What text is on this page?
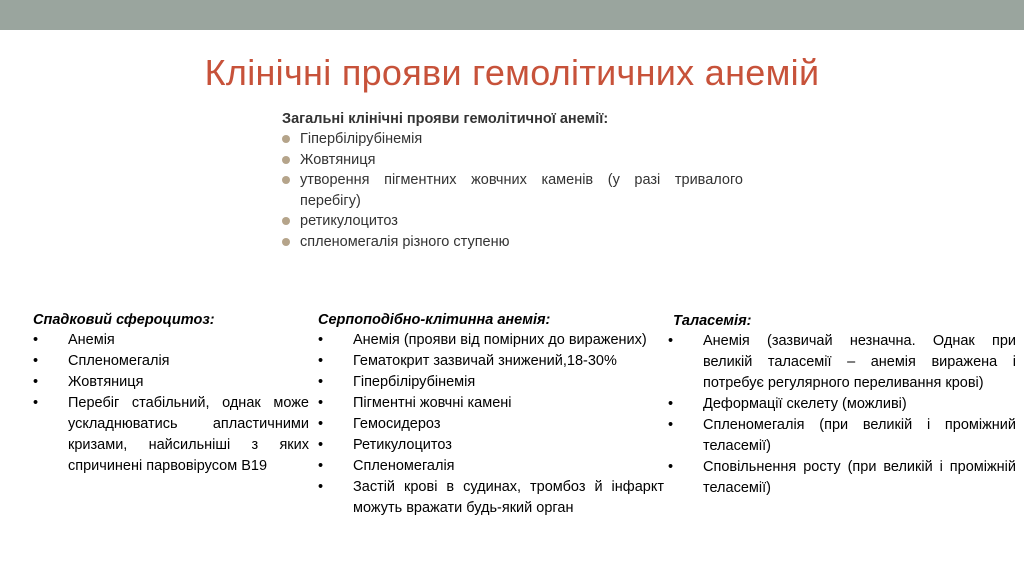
Клінічні прояви гемолітичних анемій
Загальні клінічні прояви гемолітичної анемії:
Гіпербілірубінемія
Жовтяниця
утворення пігментних жовчних каменів (у разі тривалого перебігу)
ретикулоцитоз
спленомегалія різного ступеню
Спадковий сфероцитоз:
• Анемія
• Спленомегалія
• Жовтяниця
• Перебіг стабільний, однак може ускладнюватись апластичними кризами, найсильніші з яких спричинені парвовірусом В19
Серпоподібно-клітинна анемія:
• Анемія (прояви від помірних до виражених)
• Гематокрит зазвичай знижений,18-30%
• Гіпербілірубінемія
• Пігментні жовчні камені
• Гемосидероз
• Ретикулоцитоз
• Спленомегалія
• Застій крові в судинах, тромбоз й інфаркт можуть вражати будь-який орган
Таласемія:
• Анемія (зазвичай незначна. Однак при великій таласемії – анемія виражена і потребує регулярного переливання крові)
• Деформації скелету (можливі)
• Спленомегалія (при великій і проміжний теласемії)
• Сповільнення росту (при великій і проміжній теласемії)
